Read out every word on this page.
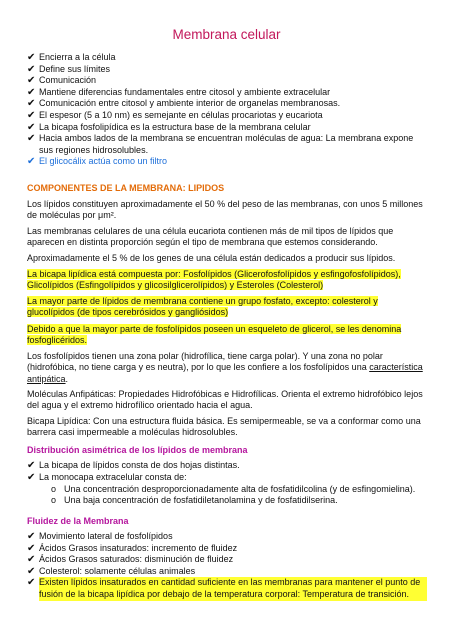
Membrana celular
✔ Encierra a la célula
✔ Define sus límites
✔ Comunicación
✔ Mantiene diferencias fundamentales entre citosol y ambiente extracelular
✔ Comunicación entre citosol y ambiente interior de organelas membranosas.
✔ El espesor (5 a 10 nm) es semejante en células procariotas y eucariota
✔ La bicapa fosfolipídica es la estructura base de la membrana celular
✔ Hacia ambos lados de la membrana se encuentran moléculas de agua: La membrana expone sus regiones hidrosolubles.
✔ El glicocálix actúa como un filtro
COMPONENTES DE LA MEMBRANA: LIPIDOS

Los lípidos constituyen aproximadamente el 50 % del peso de las membranas, con unos 5 millones de moléculas por μm².

Las membranas celulares de una célula eucariota contienen más de mil tipos de lípidos que aparecen en distinta proporción según el tipo de membrana que estemos considerando.

Aproximadamente el 5 % de los genes de una célula están dedicados a producir sus lípidos.

La bicapa lipídica está compuesta por: Fosfolípidos (Glicerofosfolípidos y esfingofosfolípidos), Glicolípidos (Esfingolípidos y glicosilglicerolípidos) y Esteroles (Colesterol)

La mayor parte de lípidos de membrana contiene un grupo fosfato, excepto: colesterol y glucolípidos (de tipos cerebrósidos y gangliósidos)

Debido a que la mayor parte de fosfolípidos poseen un esqueleto de glicerol, se les denomina fosfoglicéridos.

Los fosfolípidos tienen una zona polar (hidrofílica, tiene carga polar). Y una zona no polar (hidrofóbica, no tiene carga y es neutra), por lo que les confiere a los fosfolípidos una característica antipática.

Moléculas Anfipáticas: Propiedades Hidrofóbicas e Hidrofílicas. Orienta el extremo hidrofóbico lejos del agua y el extremo hidrofílico orientado hacia el agua.

Bicapa Lipídica: Con una estructura fluida básica. Es semipermeable, se va a conformar como una barrera casi impermeable a moléculas hidrosolubles.

Distribución asimétrica de los lípidos de membrana
✔ La bicapa de lípidos consta de dos hojas distintas.
✔ La monocapa extracelular consta de:
o Una concentración desproporcionadamente alta de fosfatidilcolina (y de esfingomielina).
o Una baja concentración de fosfatidiletanolamina y de fosfatidilserina.
Fluidez de la Membrana
✔ Movimiento lateral de fosfolípidos
✔ Ácidos Grasos insaturados: incremento de fluidez
✔ Ácidos Grasos saturados: disminución de fluidez
✔ Colesterol: solamente células animales
✔ Existen lípidos insaturados en cantidad suficiente en las membranas para mantener el punto de fusión de la bicapa lipídica por debajo de la temperatura corporal: Temperatura de transición.
